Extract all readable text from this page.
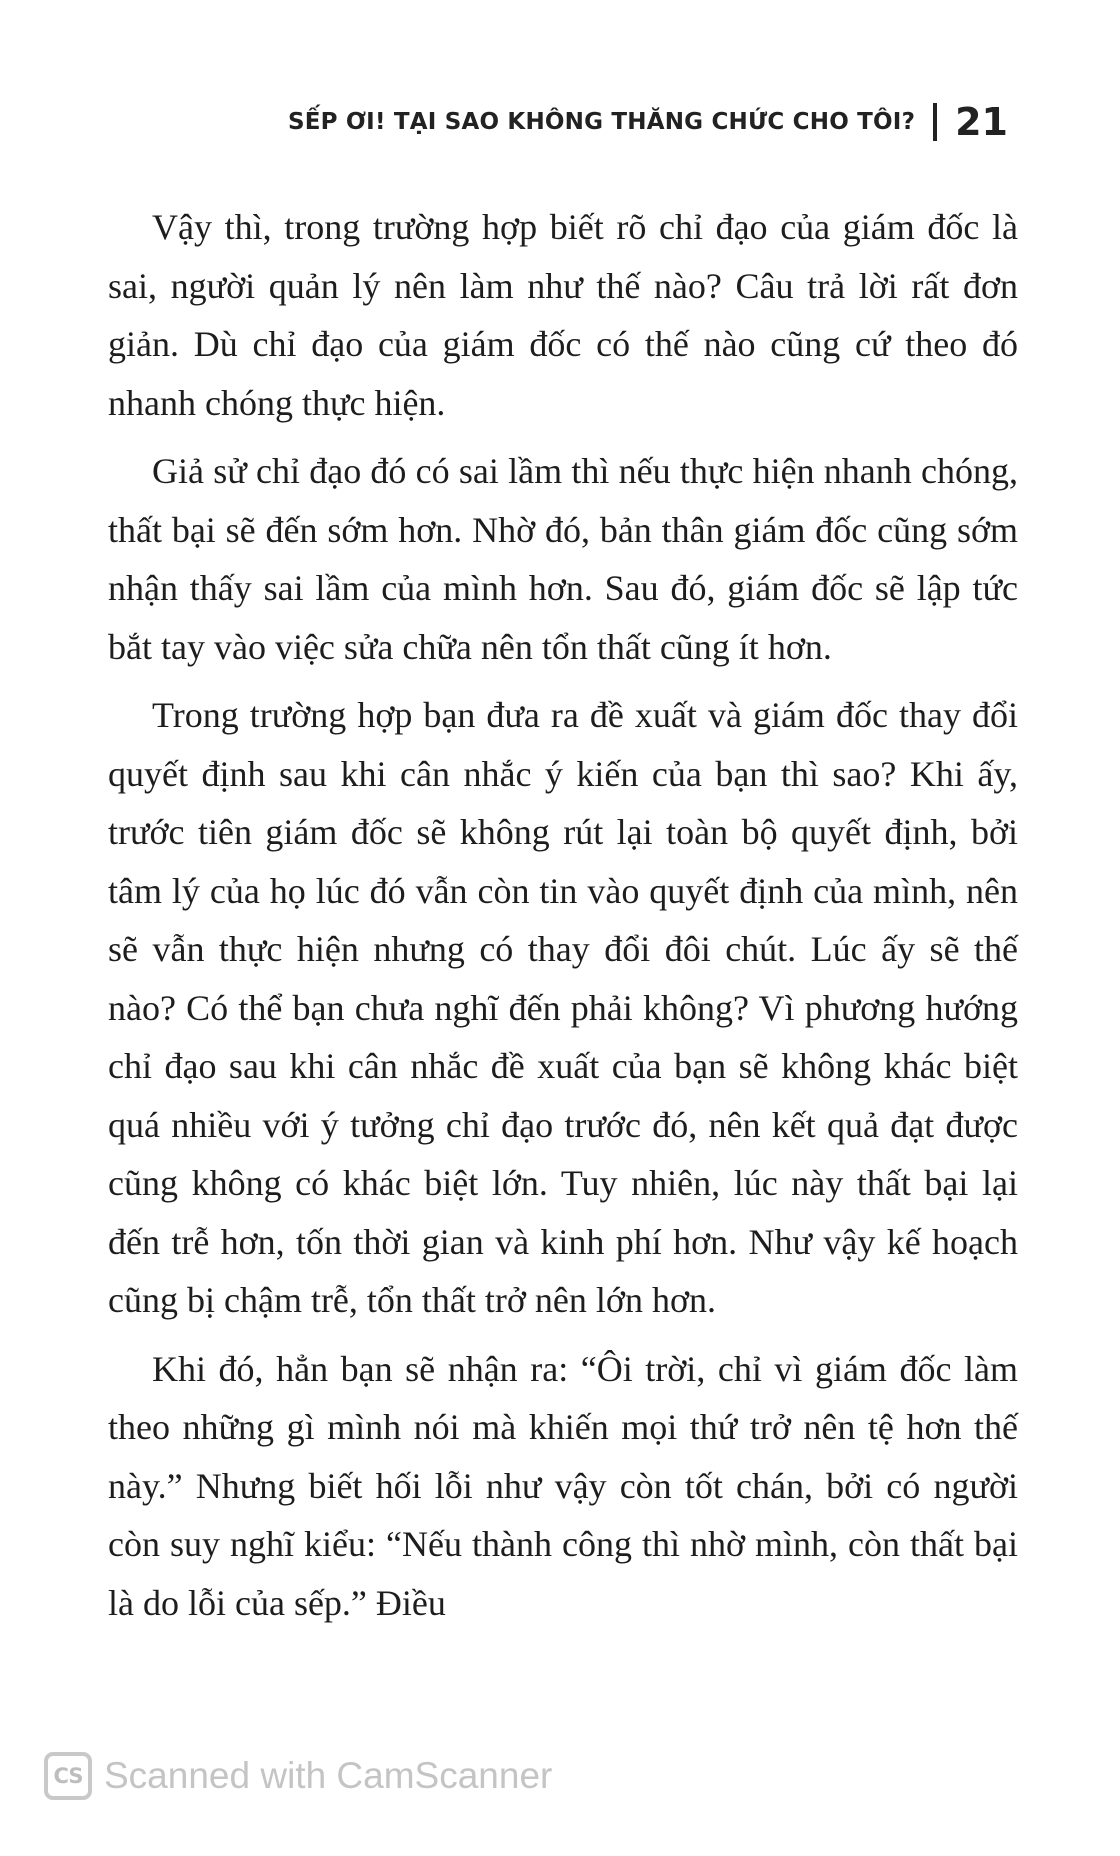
SẾP ƠI! TẠI SAO KHÔNG THĂNG CHỨC CHO TÔI? 21

Vậy thì, trong trường hợp biết rõ chỉ đạo của giám đốc là sai, người quản lý nên làm như thế nào? Câu trả lời rất đơn giản. Dù chỉ đạo của giám đốc có thế nào cũng cứ theo đó nhanh chóng thực hiện.

Giả sử chỉ đạo đó có sai lầm thì nếu thực hiện nhanh chóng, thất bại sẽ đến sớm hơn. Nhờ đó, bản thân giám đốc cũng sớm nhận thấy sai lầm của mình hơn. Sau đó, giám đốc sẽ lập tức bắt tay vào việc sửa chữa nên tổn thất cũng ít hơn.

Trong trường hợp bạn đưa ra đề xuất và giám đốc thay đổi quyết định sau khi cân nhắc ý kiến của bạn thì sao? Khi ấy, trước tiên giám đốc sẽ không rút lại toàn bộ quyết định, bởi tâm lý của họ lúc đó vẫn còn tin vào quyết định của mình, nên sẽ vẫn thực hiện nhưng có thay đổi đôi chút. Lúc ấy sẽ thế nào? Có thể bạn chưa nghĩ đến phải không? Vì phương hướng chỉ đạo sau khi cân nhắc đề xuất của bạn sẽ không khác biệt quá nhiều với ý tưởng chỉ đạo trước đó, nên kết quả đạt được cũng không có khác biệt lớn. Tuy nhiên, lúc này thất bại lại đến trễ hơn, tốn thời gian và kinh phí hơn. Như vậy kế hoạch cũng bị chậm trễ, tổn thất trở nên lớn hơn.

Khi đó, hẳn bạn sẽ nhận ra: “Ôi trời, chỉ vì giám đốc làm theo những gì mình nói mà khiến mọi thứ trở nên tệ hơn thế này.” Nhưng biết hối lỗi như vậy còn tốt chán, bởi có người còn suy nghĩ kiểu: “Nếu thành công thì nhờ mình, còn thất bại là do lỗi của sếp.” Điều

CS Scanned with CamScanner
